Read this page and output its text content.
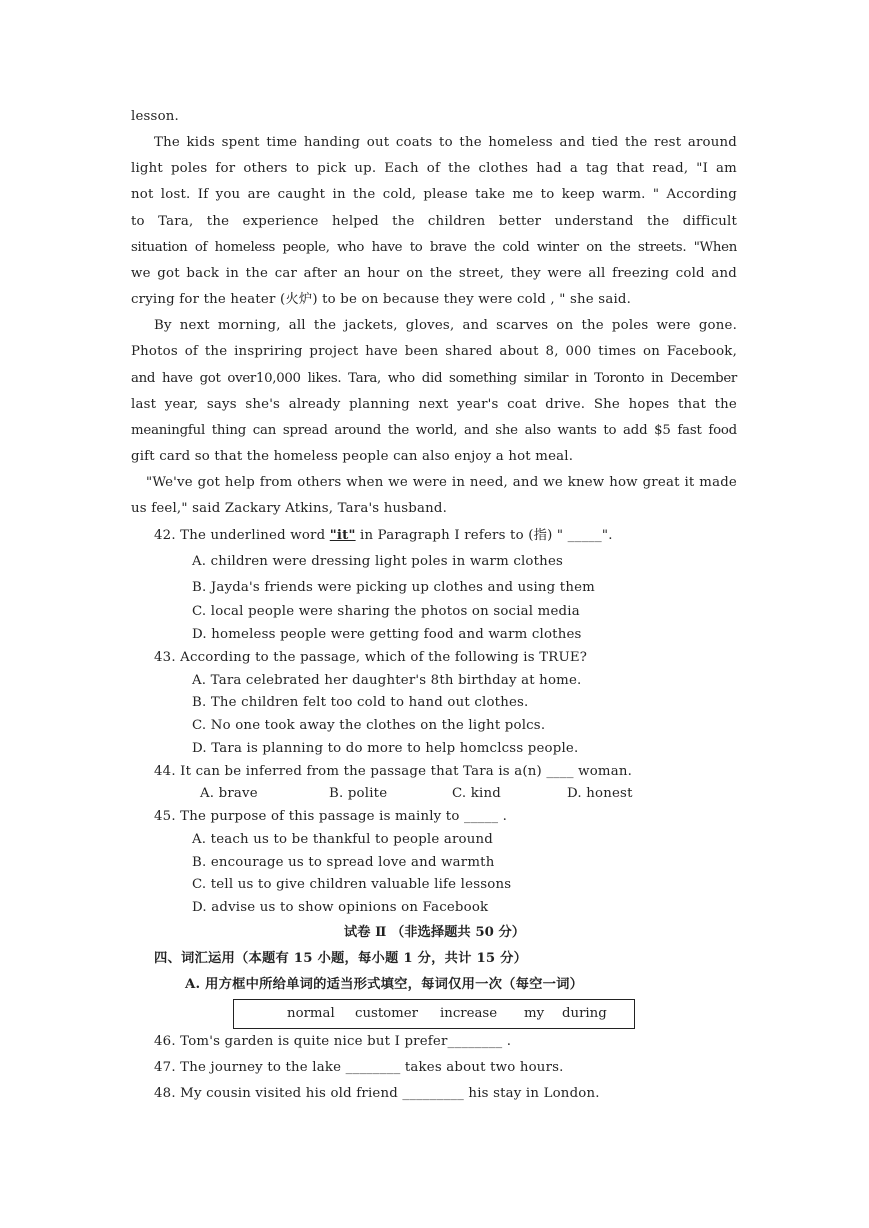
lesson.
The kids spent time handing out coats to the homeless and tied the rest around
light poles for others to pick up. Each of the clothes had a tag that read, "I am
not lost. If you are caught in the cold, please take me to keep warm. " According
to Tara, the experience helped the children better understand the difficult
situation of homeless people, who have to brave the cold winter on the streets. "When
we got back in the car after an hour on the street, they were all freezing cold and
crying for the heater (火炉) to be on because they were cold , " she said.
By next morning, all the jackets, gloves, and scarves on the poles were gone.
Photos of the inspriring project have been shared about 8, 000 times on Facebook,
and have got over10,000 likes. Tara, who did something similar in Toronto in December
last year, says she's already planning next year's coat drive. She hopes that the
meaningful thing can spread around the world, and she also wants to add $5 fast food
gift card so that the homeless people can also enjoy a hot meal.
"We've got help from others when we were in need, and we knew how great it made
us feel," said Zackary Atkins, Tara's husband.
42. The underlined word "it" in Paragraph I refers to (指) " _____".
A. children were dressing light poles in warm clothes
B. Jayda's friends were picking up clothes and using them
C. local people were sharing the photos on social media
D. homeless people were getting food and warm clothes
43. According to the passage, which of the following is TRUE?
A. Tara celebrated her daughter's 8th birthday at home.
B. The children felt too cold to hand out clothes.
C. No one took away the clothes on the light polcs.
D. Tara is planning to do more to help homclcss people.
44. It can be inferred from the passage that Tara is a(n) ____ woman.
A. brave	B. polite	C. kind	D. honest
45. The purpose of this passage is mainly to _____ .
A. teach us to be thankful to people around
B. encourage us to spread love and warmth
C. tell us to give children valuable life lessons
D. advise us to show opinions on Facebook
试卷 Ⅱ （非选择题共 50 分）
四、词汇运用（本题有 15 小题，每小题 1 分，共计 15 分）
A. 用方框中所给单词的适当形式填空，每词仅用一次（每空一词）
normal customer increase my during
46. Tom's garden is quite nice but I prefer________ .
47. The journey to the lake ________ takes about two hours.
48. My cousin visited his old friend _________ his stay in London.
